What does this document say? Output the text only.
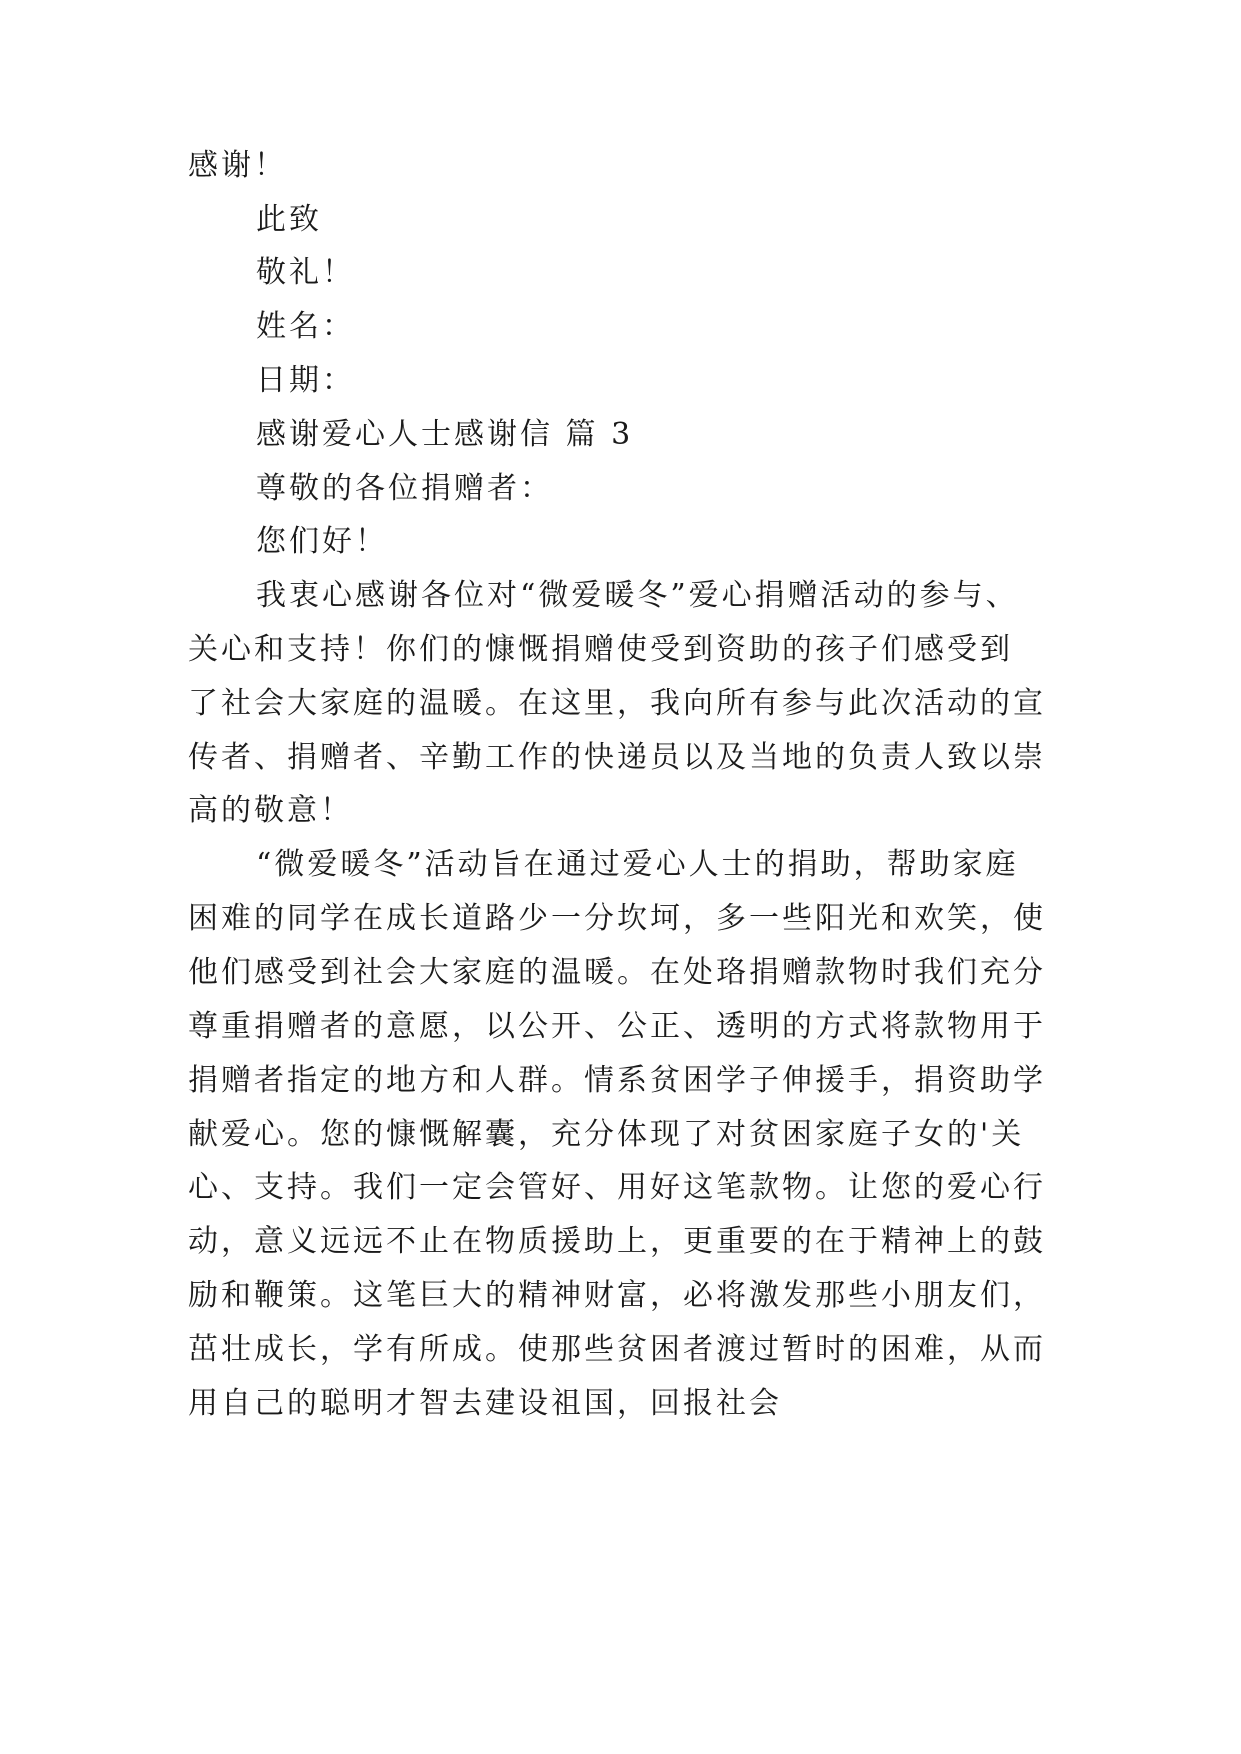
感谢！
此致
敬礼！
姓名：
日期：
感谢爱心人士感谢信 篇 3
尊敬的各位捐赠者：
您们好！
我衷心感谢各位对“微爱暖冬”爱心捐赠活动的参与、
关心和支持！你们的慷慨捐赠使受到资助的孩子们感受到
了社会大家庭的温暖。在这里，我向所有参与此次活动的宣
传者、捐赠者、辛勤工作的快递员以及当地的负责人致以崇
高的敬意！
“微爱暖冬”活动旨在通过爱心人士的捐助，帮助家庭
困难的同学在成长道路少一分坎坷，多一些阳光和欢笑，使
他们感受到社会大家庭的温暖。在处珞捐赠款物时我们充分
尊重捐赠者的意愿，以公开、公正、透明的方式将款物用于
捐赠者指定的地方和人群。情系贫困学子伸援手，捐资助学
献爱心。您的慷慨解囊，充分体现了对贫困家庭子女的'关
心、支持。我们一定会管好、用好这笔款物。让您的爱心行
动，意义远远不止在物质援助上，更重要的在于精神上的鼓
励和鞭策。这笔巨大的精神财富，必将激发那些小朋友们，
茁壮成长，学有所成。使那些贫困者渡过暂时的困难，从而
用自己的聪明才智去建设祖国，回报社会
